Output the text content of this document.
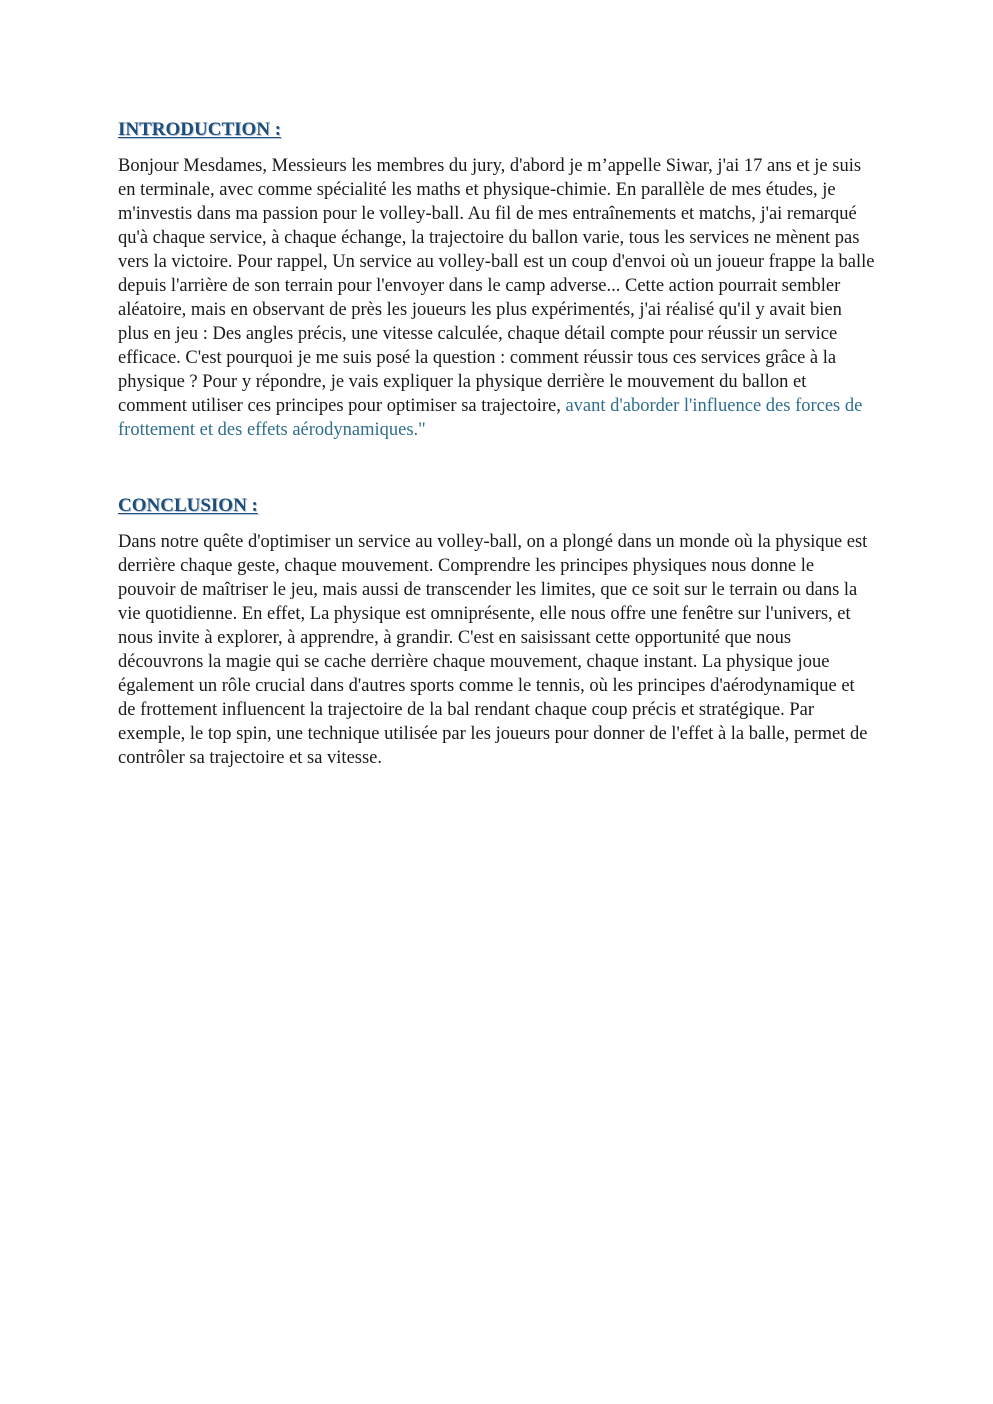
INTRODUCTION :

Bonjour Mesdames, Messieurs les membres du jury, d'abord je m’appelle Siwar, j'ai 17 ans et je suis en terminale, avec comme spécialité les maths et physique-chimie. En parallèle de mes études, je m'investis dans ma passion pour le volley-ball. Au fil de mes entraînements et matchs, j'ai remarqué qu'à chaque service, à chaque échange, la trajectoire du ballon varie, tous les services ne mènent pas vers la victoire. Pour rappel, Un service au volley-ball est un coup d'envoi où un joueur frappe la balle depuis l'arrière de son terrain pour l'envoyer dans le camp adverse... Cette action pourrait sembler aléatoire, mais en observant de près les joueurs les plus expérimentés, j'ai réalisé qu'il y avait bien plus en jeu : Des angles précis, une vitesse calculée, chaque détail compte pour réussir un service efficace. C'est pourquoi je me suis posé la question : comment réussir tous ces services grâce à la physique ? Pour y répondre, je vais expliquer la physique derrière le mouvement du ballon et comment utiliser ces principes pour optimiser sa trajectoire, avant d'aborder l'influence des forces de frottement et des effets aérodynamiques."

CONCLUSION :

Dans notre quête d'optimiser un service au volley-ball, on a plongé dans un monde où la physique est derrière chaque geste, chaque mouvement. Comprendre les principes physiques nous donne le pouvoir de maîtriser le jeu, mais aussi de transcender les limites, que ce soit sur le terrain ou dans la vie quotidienne. En effet, La physique est omniprésente, elle nous offre une fenêtre sur l'univers, et nous invite à explorer, à apprendre, à grandir. C'est en saisissant cette opportunité que nous découvrons la magie qui se cache derrière chaque mouvement, chaque instant. La physique joue également un rôle crucial dans d'autres sports comme le tennis, où les principes d'aérodynamique et de frottement influencent la trajectoire de la bal rendant chaque coup précis et stratégique. Par exemple, le top spin, une technique utilisée par les joueurs pour donner de l'effet à la balle, permet de contrôler sa trajectoire et sa vitesse.
